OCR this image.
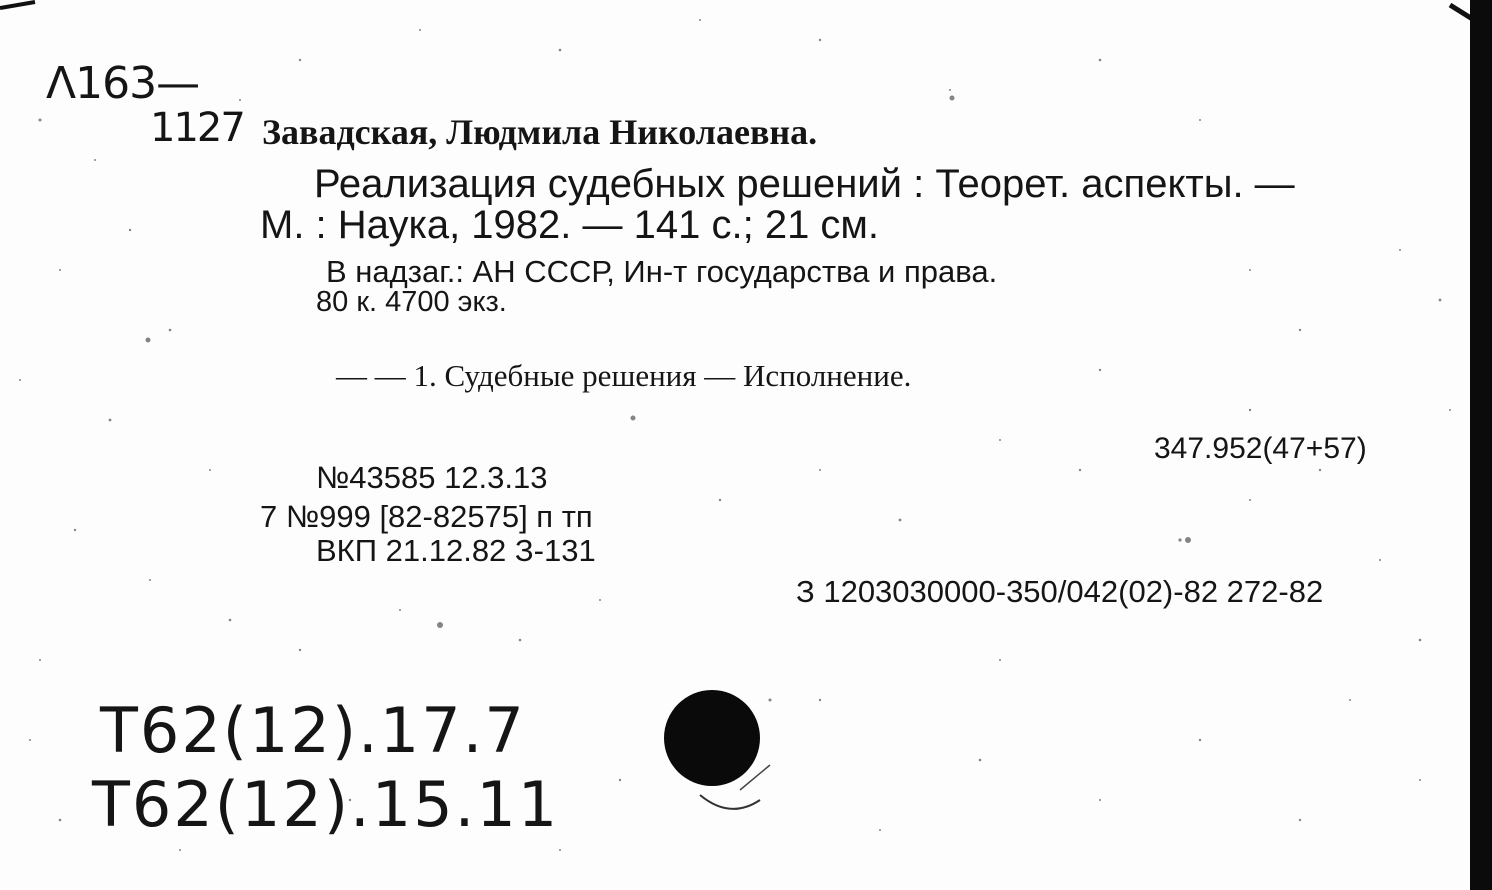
Λ163—
1127 Завадская, Людмила Николаевна.
Реализация судебных решений : Теорет. аспекты. —
М. : Наука, 1982. — 141 с.; 21 см.
В надзаг.: АН СССР, Ин-т государства и права.
80 к. 4700 экз.
— — 1. Судебные решения — Исполнение.
347.952(47+57)
№43585 12.3.13
7 №999 [82-82575] п тп
ВКП 21.12.82 З-131
З 1203030000-350/042(02)-82 272-82
Т62(12).17.7
Т62(12).15.11
